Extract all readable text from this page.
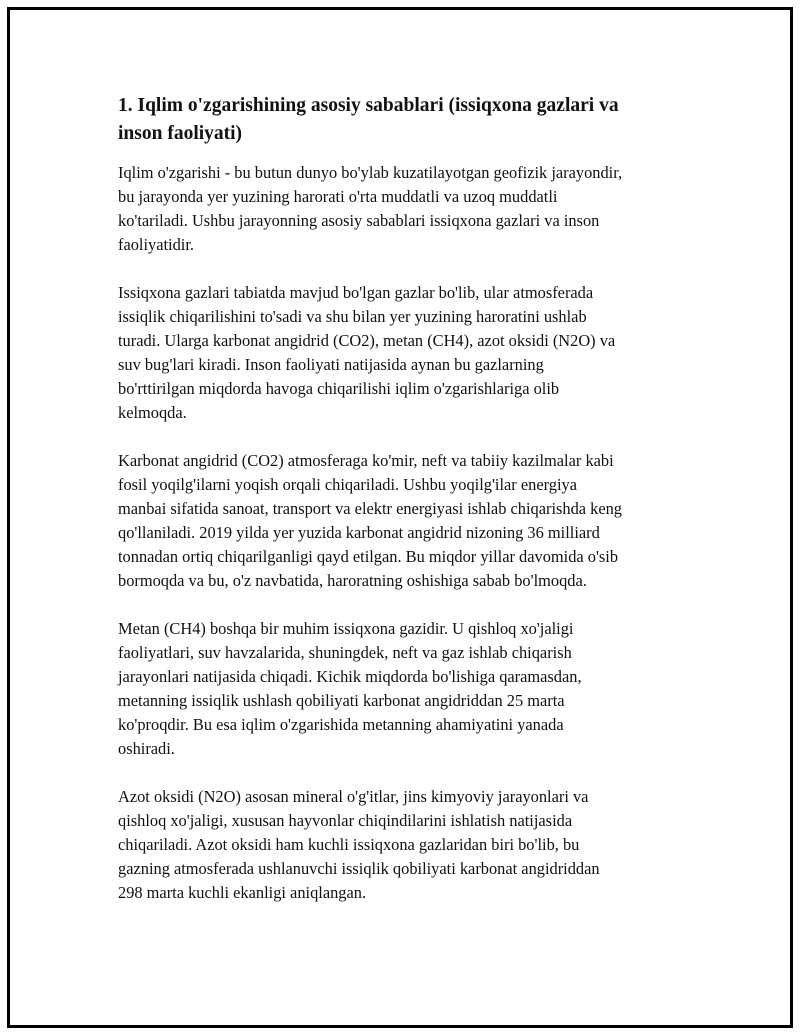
1. Iqlim o'zgarishining asosiy sabablari (issiqxona gazlari va
inson faoliyati)

Iqlim o'zgarishi - bu butun dunyo bo'ylab kuzatilayotgan geofizik jarayondir,
bu jarayonda yer yuzining harorati o'rta muddatli va uzoq muddatli
ko'tariladi. Ushbu jarayonning asosiy sabablari issiqxona gazlari va inson
faoliyatidir.

Issiqxona gazlari tabiatda mavjud bo'lgan gazlar bo'lib, ular atmosferada
issiqlik chiqarilishini to'sadi va shu bilan yer yuzining haroratini ushlab
turadi. Ularga karbonat angidrid (CO2), metan (CH4), azot oksidi (N2O) va
suv bug'lari kiradi. Inson faoliyati natijasida aynan bu gazlarning
bo'rttirilgan miqdorda havoga chiqarilishi iqlim o'zgarishlariga olib
kelmoqda.

Karbonat angidrid (CO2) atmosferaga ko'mir, neft va tabiiy kazilmalar kabi
fosil yoqilg'ilarni yoqish orqali chiqariladi. Ushbu yoqilg'ilar energiya
manbai sifatida sanoat, transport va elektr energiyasi ishlab chiqarishda keng
qo'llaniladi. 2019 yilda yer yuzida karbonat angidrid nizoning 36 milliard
tonnadan ortiq chiqarilganligi qayd etilgan. Bu miqdor yillar davomida o'sib
bormoqda va bu, o'z navbatida, haroratning oshishiga sabab bo'lmoqda.

Metan (CH4) boshqa bir muhim issiqxona gazidir. U qishloq xo'jaligi
faoliyatlari, suv havzalarida, shuningdek, neft va gaz ishlab chiqarish
jarayonlari natijasida chiqadi. Kichik miqdorda bo'lishiga qaramasdan,
metanning issiqlik ushlash qobiliyati karbonat angidriddan 25 marta
ko'proqdir. Bu esa iqlim o'zgarishida metanning ahamiyatini yanada
oshiradi.

Azot oksidi (N2O) asosan mineral o'g'itlar, jins kimyoviy jarayonlari va
qishloq xo'jaligi, xususan hayvonlar chiqindilarini ishlatish natijasida
chiqariladi. Azot oksidi ham kuchli issiqxona gazlaridan biri bo'lib, bu
gazning atmosferada ushlanuvchi issiqlik qobiliyati karbonat angidriddan
298 marta kuchli ekanligi aniqlangan.
